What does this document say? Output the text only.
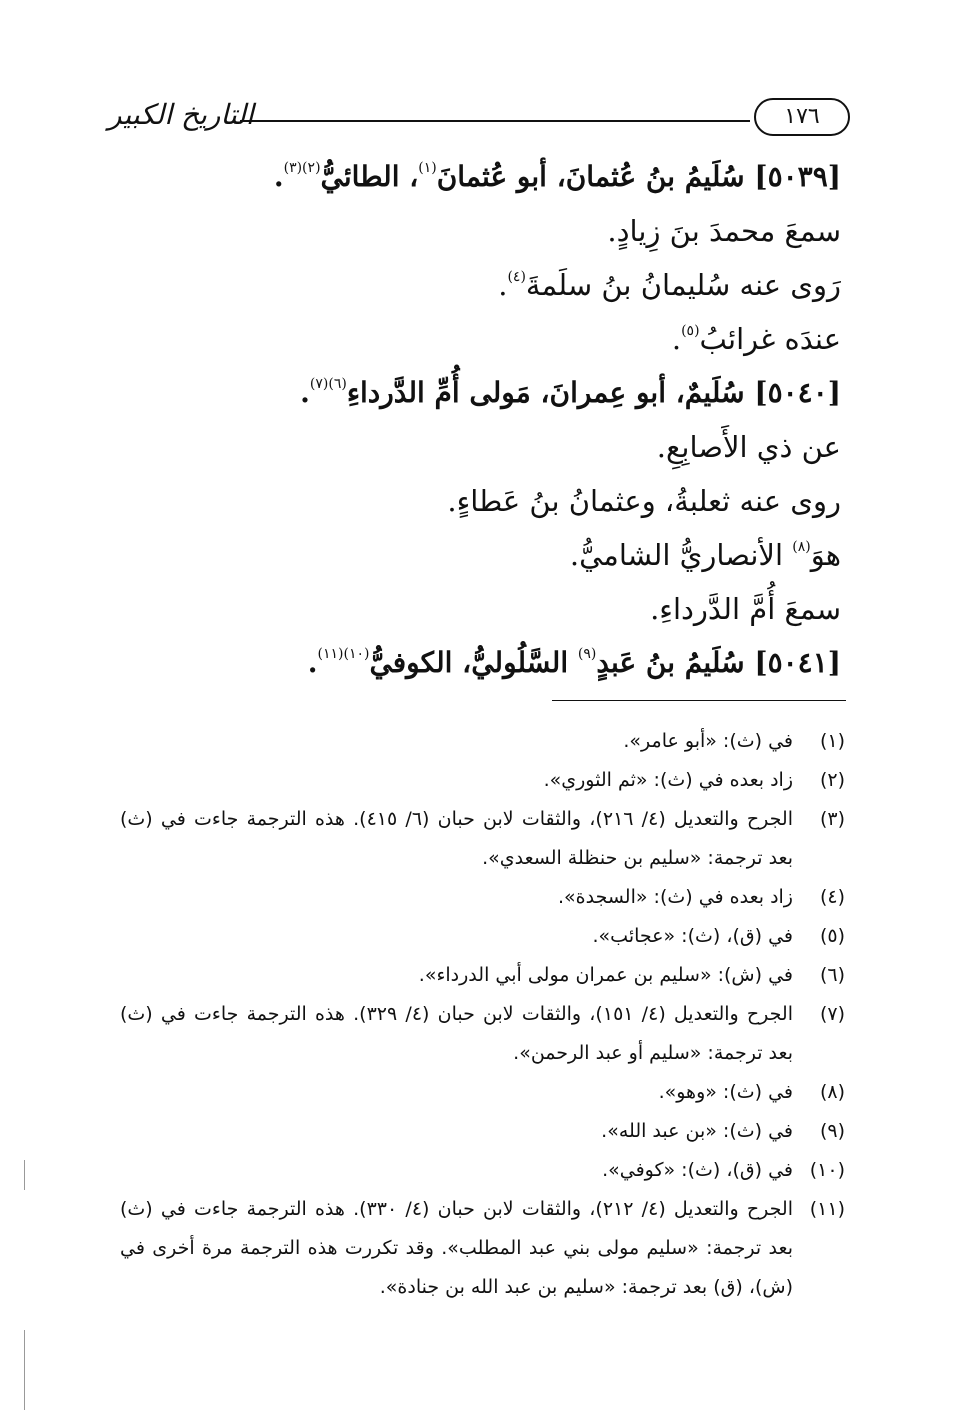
١٧٦
التاريخ الكبير
[٥٠٣٩] سُلَيمُ بنُ عُثمانَ، أبو عُثمانَ$^{(١)}$، الطائيُّ$^{(٢)(٣)}$.
سمعَ محمدَ بنَ زِيادٍ.
رَوى عنه سُليمانُ بنُ سلَمةَ$^{(٤)}$.
عندَه غرائبُ$^{(٥)}$.
[٥٠٤٠] سُلَيمٌ، أبو عِمرانَ، مَولى أُمِّ الدَّرداءِ$^{(٦)(٧)}$.
عن ذي الأَصابِعِ.
روى عنه ثعلبةُ، وعثمانُ بنُ عَطاءٍ.
هوَ$^{(٨)}$ الأنصاريُّ الشاميُّ.
سمعَ أُمَّ الدَّرداءِ.
[٥٠٤١] سُلَيمُ بنُ عَبدٍ$^{(٩)}$ السَّلُوليُّ، الكوفيُّ$^{(١٠)(١١)}$.
(١)
في (ث): «أبو عامر».
(٢)
زاد بعده في (ث): «ثم الثوري».
(٣)
الجرح والتعديل (٤/ ٢١٦)، والثقات لابن حبان (٦/ ٤١٥). هذه الترجمة جاءت في (ث) بعد ترجمة: «سليم بن حنظلة السعدي».
(٤)
زاد بعده في (ث): «السجدة».
(٥)
في (ق)، (ث): «عجائب».
(٦)
في (ش): «سليم بن عمران مولى أبي الدرداء».
(٧)
الجرح والتعديل (٤/ ١٥١)، والثقات لابن حبان (٤/ ٣٢٩). هذه الترجمة جاءت في (ث) بعد ترجمة: «سليم أو عبد الرحمن».
(٨)
في (ث): «وهو».
(٩)
في (ث): «بن عبد الله».
(١٠)
في (ق)، (ث): «كوفي».
(١١)
الجرح والتعديل (٤/ ٢١٢)، والثقات لابن حبان (٤/ ٣٣٠). هذه الترجمة جاءت في (ث) بعد ترجمة: «سليم مولى بني عبد المطلب». وقد تكررت هذه الترجمة مرة أخرى في (ش)، (ق) بعد ترجمة: «سليم بن عبد الله بن جنادة».
